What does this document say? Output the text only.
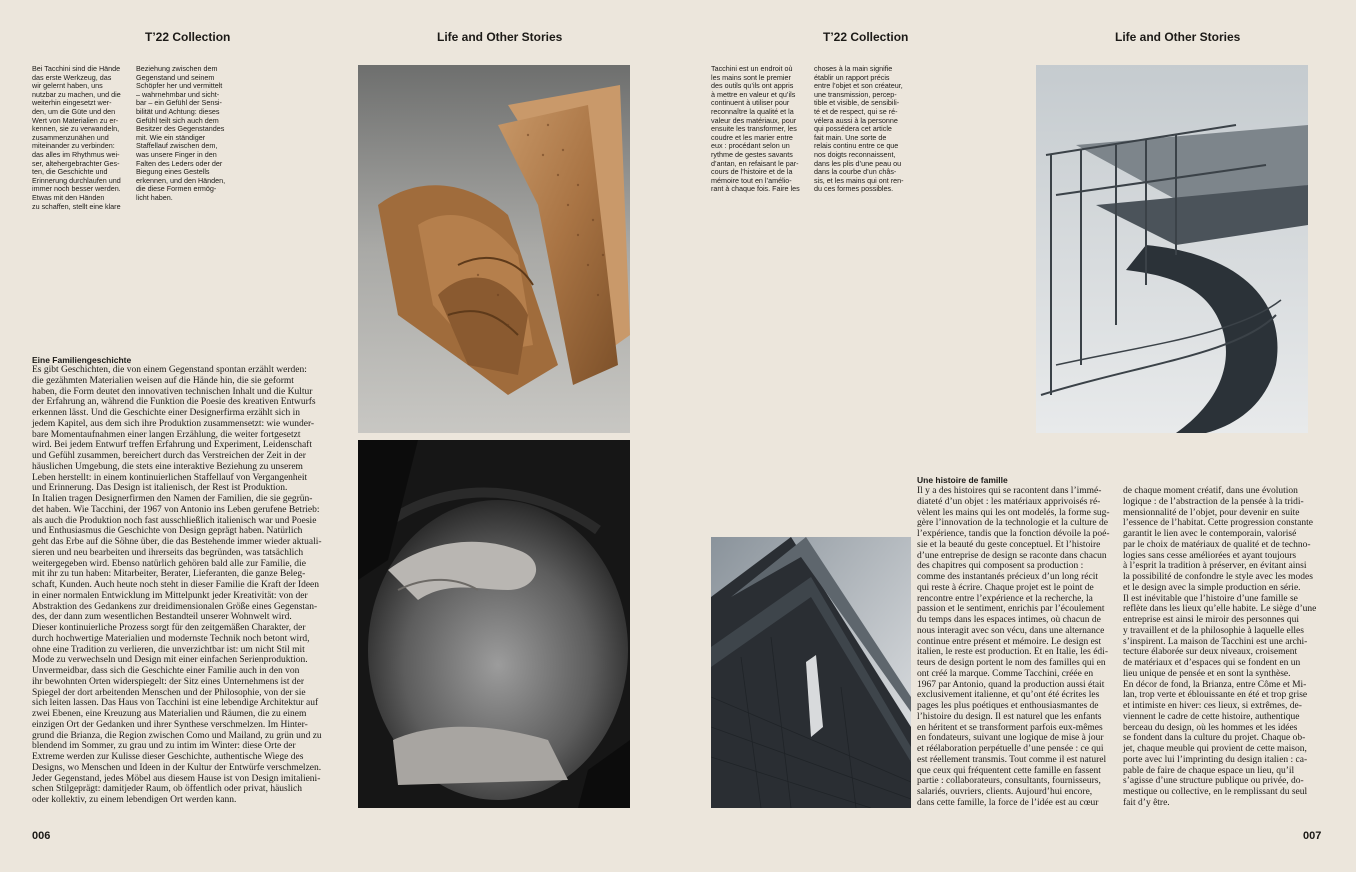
T’22 Collection	Life and Other Stories

Bei Tacchini sind die Hände
das erste Werkzeug, das
wir gelernt haben, uns
nutzbar zu machen, und die
weiterhin eingesetzt wer-
den, um die Güte und den
Wert von Materialien zu er-
kennen, sie zu verwandeln,
zusammenzunähen und
miteinander zu verbinden:
das alles im Rhythmus wei-
ser, altehergebrachter Ges-
ten, die Geschichte und
Erinnerung durchlaufen und
immer noch besser werden.
Etwas mit den Händen
zu schaffen, stellt eine klare

Beziehung zwischen dem
Gegenstand und seinem
Schöpfer her und vermittelt
– wahrnehmbar und sicht-
bar – ein Gefühl der Sensi-
bilität und Achtung: dieses
Gefühl teilt sich auch dem
Besitzer des Gegenstandes
mit. Wie ein ständiger
Staffellauf zwischen dem,
was unsere Finger in den
Falten des Leders oder der
Biegung eines Gestells
erkennen, und den Händen,
die diese Formen ermög-
licht haben.

Eine Familiengeschichte

Es gibt Geschichten, die von einem Gegenstand spontan erzählt werden:
die gezähmten Materialien weisen auf die Hände hin, die sie geformt
haben, die Form deutet den innovativen technischen Inhalt und die Kultur
der Erfahrung an, während die Funktion die Poesie des kreativen Entwurfs
erkennen lässt. Und die Geschichte einer Designerfirma erzählt sich in
jedem Kapitel, aus dem sich ihre Produktion zusammensetzt: wie wunder-
bare Momentaufnahmen einer langen Erzählung, die weiter fortgesetzt
wird. Bei jedem Entwurf treffen Erfahrung und Experiment, Leidenschaft
und Gefühl zusammen, bereichert durch das Verstreichen der Zeit in der
häuslichen Umgebung, die stets eine interaktive Beziehung zu unserem
Leben herstellt: in einem kontinuierlichen Staffellauf von Vergangenheit
und Erinnerung. Das Design ist italienisch, der Rest ist Produktion.
In Italien tragen Designerfirmen den Namen der Familien, die sie gegrün-
det haben. Wie Tacchini, der 1967 von Antonio ins Leben gerufene Betrieb:
als auch die Produktion noch fast ausschließlich italienisch war und Poesie
und Enthusiasmus die Geschichte von Design geprägt haben. Natürlich
geht das Erbe auf die Söhne über, die das Bestehende immer wieder aktuali-
sieren und neu bearbeiten und ihrerseits das begründen, was tatsächlich
weitergegeben wird. Ebenso natürlich gehören bald alle zur Familie, die
mit ihr zu tun haben: Mitarbeiter, Berater, Lieferanten, die ganze Beleg-
schaft, Kunden. Auch heute noch steht in dieser Familie die Kraft der Ideen
in einer normalen Entwicklung im Mittelpunkt jeder Kreativität: von der
Abstraktion des Gedankens zur dreidimensionalen Größe eines Gegenstan-
des, der dann zum wesentlichen Bestandteil unserer Wohnwelt wird.
Dieser kontinuierliche Prozess sorgt für den zeitgemäßen Charakter, der
durch hochwertige Materialien und modernste Technik noch betont wird,
ohne eine Tradition zu verlieren, die unverzichtbar ist: um nicht Stil mit
Mode zu verwechseln und Design mit einer einfachen Serienproduktion.
Unvermeidbar, dass sich die Geschichte einer Familie auch in den von
ihr bewohnten Orten widerspiegelt: der Sitz eines Unternehmens ist der
Spiegel der dort arbeitenden Menschen und der Philosophie, von der sie
sich leiten lassen. Das Haus von Tacchini ist eine lebendige Architektur auf
zwei Ebenen, eine Kreuzung aus Materialien und Räumen, die zu einem
einzigen Ort der Gedanken und ihrer Synthese verschmelzen. Im Hinter-
grund die Brianza, die Region zwischen Como und Mailand, zu grün und zu
blendend im Sommer, zu grau und zu intim im Winter: diese Orte der
Extreme werden zur Kulisse dieser Geschichte, authentische Wiege des
Designs, wo Menschen und Ideen in der Kultur der Entwürfe verschmelzen.
Jeder Gegenstand, jedes Möbel aus diesem Hause ist von Design imitalieni-
schen Stilgeprägt: damitjeder Raum, ob öffentlich oder privat, häuslich
oder kollektiv, zu einem lebendigen Ort werden kann.

006
T’22 Collection	Life and Other Stories

Tacchini est un endroit où
les mains sont le premier
des outils qu’ils ont appris
à mettre en valeur et qu’ils
continuent à utiliser pour
reconnaître la qualité et la
valeur des matériaux, pour
ensuite les transformer, les
coudre et les marier entre
eux : procédant selon un
rythme de gestes savants
d’antan, en refaisant le par-
cours de l’histoire et de la
mémoire tout en l’amélio-
rant à chaque fois. Faire les

choses à la main signifie
établir un rapport précis
entre l’objet et son créateur,
une transmission, percep-
tible et visible, de sensibili-
té et de respect, qui se ré-
vélera aussi à la personne
qui possédera cet article
fait main. Une sorte de
relais continu entre ce que
nos doigts reconnaissent,
dans les plis d’une peau ou
dans la courbe d’un châs-
sis, et les mains qui ont ren-
du ces formes possibles.

Une histoire de famille

Il y a des histoires qui se racontent dans l’immé-
diateté d’un objet : les matériaux apprivoisés ré-
vèlent les mains qui les ont modelés, la forme sug-
gère l’innovation de la technologie et la culture de
l’expérience, tandis que la fonction dévoile la poé-
sie et la beauté du geste conceptuel. Et l’histoire
d’une entreprise de design se raconte dans chacun
des chapitres qui composent sa production :
comme des instantanés précieux d’un long récit
qui reste à écrire. Chaque projet est le point de
rencontre entre l’expérience et la recherche, la
passion et le sentiment, enrichis par l’écoulement
du temps dans les espaces intimes, où chacun de
nous interagit avec son vécu, dans une alternance
continue entre présent et mémoire. Le design est
italien, le reste est production. Et en Italie, les édi-
teurs de design portent le nom des familles qui en
ont créé la marque. Comme Tacchini, créée en
1967 par Antonio, quand la production aussi était
exclusivement italienne, et qu’ont été écrites les
pages les plus poétiques et enthousiasmantes de
l’histoire du design. Il est naturel que les enfants
en héritent et se transforment parfois eux-mêmes
en fondateurs, suivant une logique de mise à jour
et réélaboration perpétuelle d’une pensée : ce qui
est réellement transmis. Tout comme il est naturel
que ceux qui fréquentent cette famille en fassent
partie : collaborateurs, consultants, fournisseurs,
salariés, ouvriers, clients. Aujourd’hui encore,
dans cette famille, la force de l’idée est au cœur

de chaque moment créatif, dans une évolution
logique : de l’abstraction de la pensée à la tridi-
mensionnalité de l’objet, pour devenir en suite
l’essence de l’habitat. Cette progression constante
garantit le lien avec le contemporain, valorisé
par le choix de matériaux de qualité et de techno-
logies sans cesse améliorées et ayant toujours
à l’esprit la tradition à préserver, en évitant ainsi
la possibilité de confondre le style avec les modes
et le design avec la simple production en série.
Il est inévitable que l’histoire d’une famille se
reflète dans les lieux qu’elle habite. Le siège d’une
entreprise est ainsi le miroir des personnes qui
y travaillent et de la philosophie à laquelle elles
s’inspirent. La maison de Tacchini est une archi-
tecture élaborée sur deux niveaux, croisement
de matériaux et d’espaces qui se fondent en un
lieu unique de pensée et en sont la synthèse.
En décor de fond, la Brianza, entre Côme et Mi-
lan, trop verte et éblouissante en été et trop grise
et intimiste en hiver: ces lieux, si extrêmes, de-
viennent le cadre de cette histoire, authentique
berceau du design, où les hommes et les idées
se fondent dans la culture du projet. Chaque ob-
jet, chaque meuble qui provient de cette maison,
porte avec lui l’imprinting du design italien : ca-
pable de faire de chaque espace un lieu, qu’il
s’agisse d’une structure publique ou privée, do-
mestique ou collective, en le remplissant du seul
fait d’y être.

007
